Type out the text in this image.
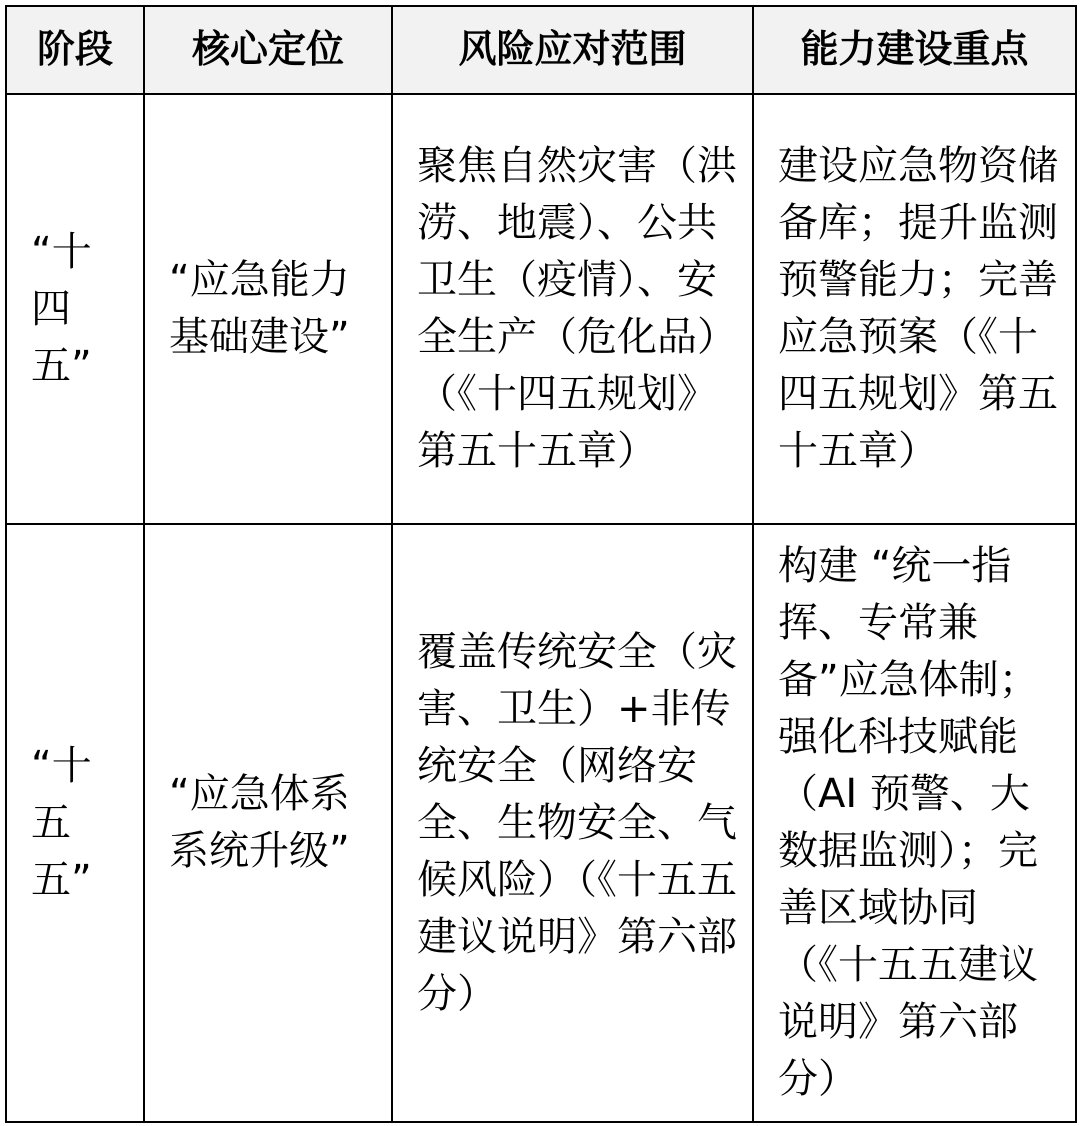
阶段	核心定位	风险应对范围	能力建设重点
“十四五”	“应急能力基础建设”	聚焦自然灾害（洪涝、地震）、公共卫生（疫情）、安全生产（危化品）（《十四五规划》第五十五章）	建设应急物资储备库；提升监测预警能力；完善应急预案（《十四五规划》第五十五章）
“十五五”	“应急体系系统升级”	覆盖传统安全（灾害、卫生）+非传统安全（网络安全、生物安全、气候风险）（《十五五建议说明》第六部分）	构建 “统一指挥、专常兼备”应急体制；强化科技赋能（AI 预警、大数据监测）；完善区域协同（《十五五建议说明》第六部分）
